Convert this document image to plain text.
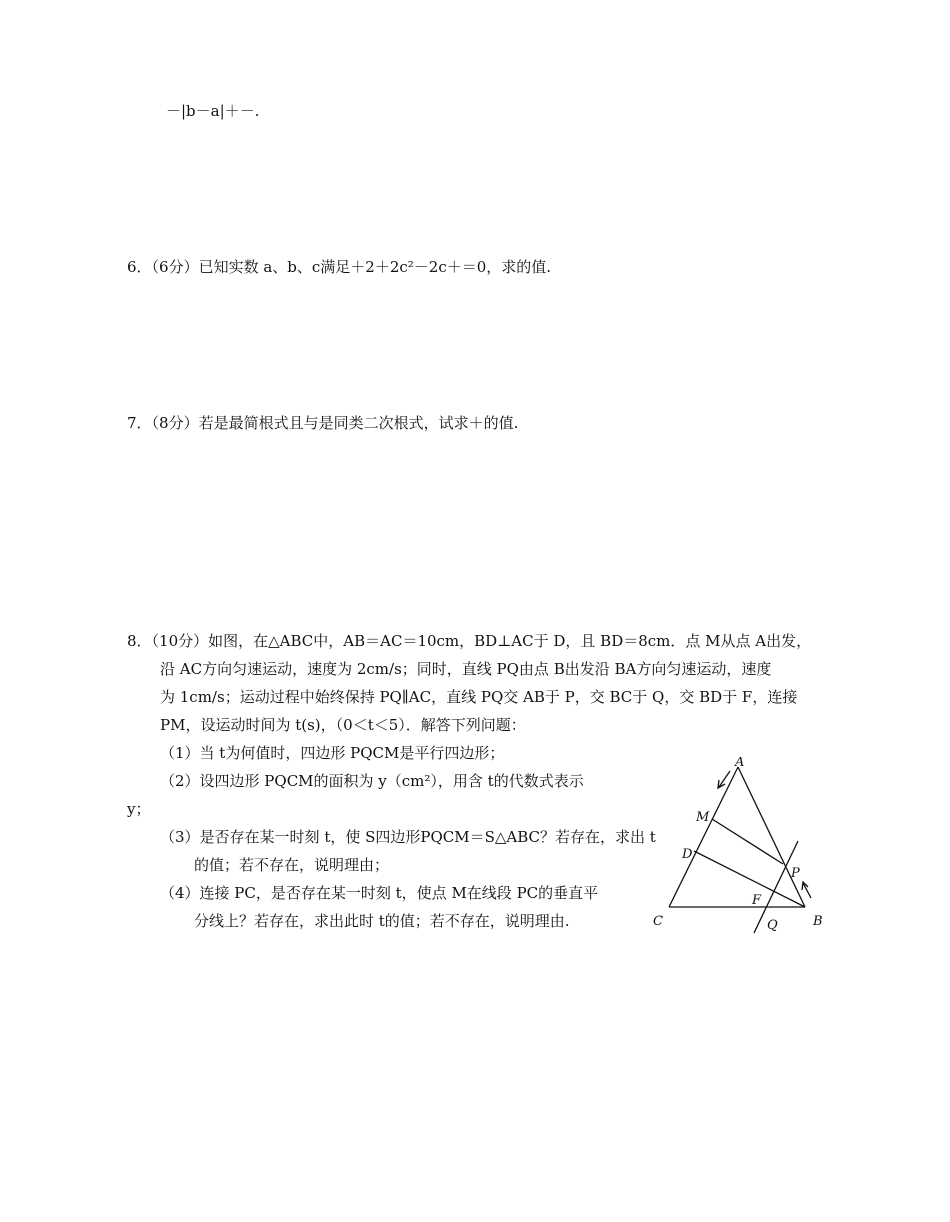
－|b－a|＋－.
6．（6分）已知实数 a、b、c满足＋2＋2c²－2c＋＝0，求的值.
7．（8分）若是最简根式且与是同类二次根式，试求＋的值.
8．（10分）如图，在△ABC中，AB＝AC＝10cm，BD⊥AC于 D，且 BD＝8cm．点 M从点 A出发，
沿 AC方向匀速运动，速度为 2cm/s；同时，直线 PQ由点 B出发沿 BA方向匀速运动，速度
为 1cm/s；运动过程中始终保持 PQ∥AC，直线 PQ交 AB于 P，交 BC于 Q，交 BD于 F，连接
PM，设运动时间为 t(s)，（0＜t＜5）．解答下列问题：
（1）当 t为何值时，四边形 PQCM是平行四边形；
（2）设四边形 PQCM的面积为 y（cm²），用含 t的代数式表示
y；
（3）是否存在某一时刻 t，使 S四边形PQCM＝S△ABC？若存在，求出 t
的值；若不存在，说明理由；
（4）连接 PC，是否存在某一时刻 t，使点 M在线段 PC的垂直平
分线上？若存在，求出此时 t的值；若不存在，说明理由.
A
M
D
P
F
C	Q	B
